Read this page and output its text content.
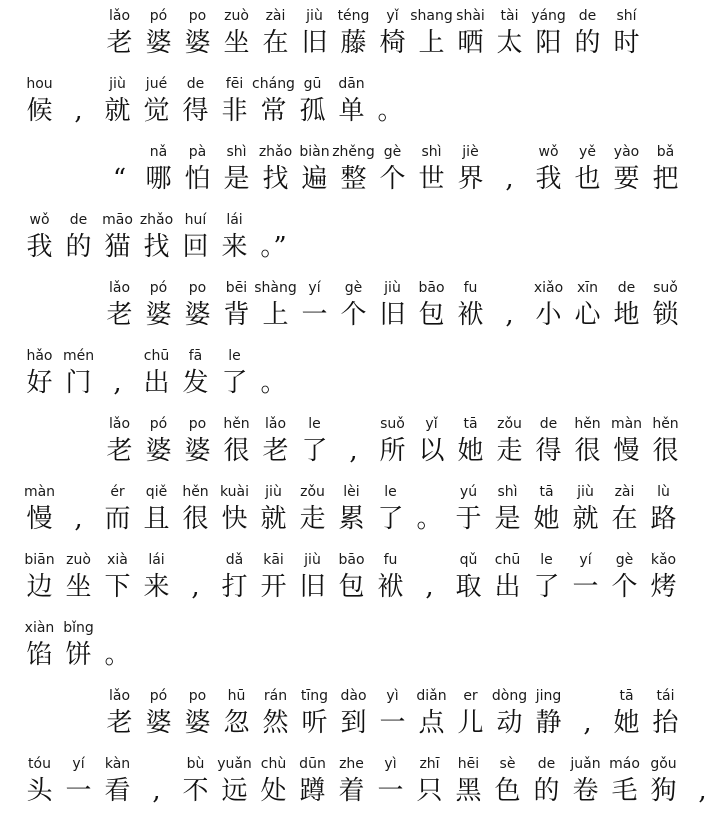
lǎo
老
pó
婆
po
婆
zuò
坐
zài
在
jiù
旧
téng
藤
yǐ
椅
shang
上
shài
晒
tài
太
yáng
阳
de
的
shí
时
hou
候 ,
jiù
就
jué
觉
de
得
fēi
非
cháng
常
gū
孤
dān
单 。
“
nǎ
哪
pà
怕
shì
是
zhǎo
找
biàn
遍
zhěng
整
gè
个
shì
世
jiè
界 ,
wǒ
我
yě
也
yào
要
bǎ
把
wǒ
我
de
的
māo
猫
zhǎo
找
huí
回
lái
来 。”
lǎo
老
pó
婆
po
婆
bēi
背
shàng
上
yí
一
gè
个
jiù
旧
bāo
包
fu
袱 ,
xiǎo
小
xīn
心
de
地
suǒ
锁
hǎo
好
mén
门 ,
chū
出
fā
发
le
了 。
lǎo
老
pó
婆
po
婆
hěn
很
lǎo
老
le
了 ,
suǒ
所
yǐ
以
tā
她
zǒu
走
de
得
hěn
很
màn
慢
hěn
很
màn
慢 ,
ér
而
qiě
且
hěn
很
kuài
快
jiù
就
zǒu
走
lèi
累
le
了 。
yú
于
shì
是
tā
她
jiù
就
zài
在
lù
路
biān
边
zuò
坐
xià
下
lái
来 ,
dǎ
打
kāi
开
jiù
旧
bāo
包
fu
袱 ,
qǔ
取
chū
出
le
了
yí
一
gè
个
kǎo
烤
xiàn
馅
bǐng
饼 。
lǎo
老
pó
婆
po
婆
hū
忽
rán
然
tīng
听
dào
到
yì
一
diǎn
点
er
儿
dòng
动
jing
静 ,
tā
她
tái
抬
tóu
头
yí
一
kàn
看 ,
bù
不
yuǎn
远
chù
处
dūn
蹲
zhe
着
yì
一
zhī
只
hēi
黑
sè
色
de
的
juǎn
卷
máo
毛
gǒu
狗 ,
